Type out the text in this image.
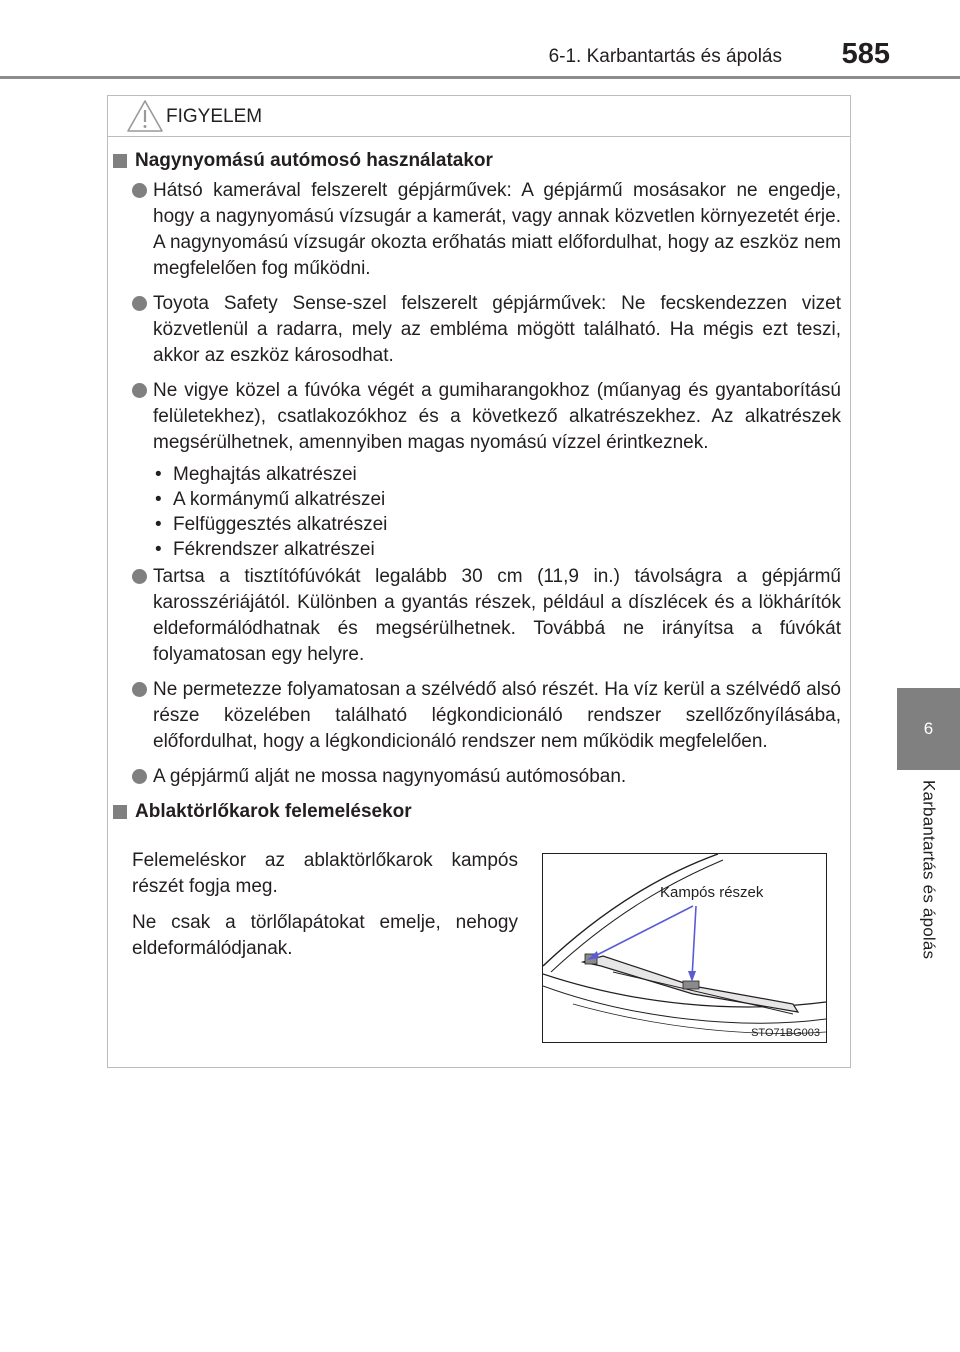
6-1. Karbantartás és ápolás	585
6
Karbantartás és ápolás
FIGYELEM
Nagynyomású autómosó használatakor
Hátsó kamerával felszerelt gépjárművek: A gépjármű mosásakor ne engedje, hogy a nagynyomású vízsugár a kamerát, vagy annak közvetlen környezetét érje. A nagynyomású vízsugár okozta erőhatás miatt előfordulhat, hogy az eszköz nem megfelelően fog működni.
Toyota Safety Sense-szel felszerelt gépjárművek: Ne fecskendezzen vizet közvetlenül a radarra, mely az embléma mögött található. Ha mégis ezt teszi, akkor az eszköz károsodhat.
Ne vigye közel a fúvóka végét a gumiharangokhoz (műanyag és gyantaborítású felületekhez), csatlakozókhoz és a következő alkatrészekhez. Az alkatrészek megsérülhetnek, amennyiben magas nyomású vízzel érintkeznek.
• Meghajtás alkatrészei
• A kormánymű alkatrészei
• Felfüggesztés alkatrészei
• Fékrendszer alkatrészei
Tartsa a tisztítófúvókát legalább 30 cm (11,9 in.) távolságra a gépjármű karosszériájától. Különben a gyantás részek, például a díszlécek és a lökhárítók eldeformálódhatnak és megsérülhetnek. Továbbá ne irányítsa a fúvókát folyamatosan egy helyre.
Ne permetezze folyamatosan a szélvédő alsó részét. Ha víz kerül a szélvédő alsó része közelében található légkondicionáló rendszer szellőzőnyílásába, előfordulhat, hogy a légkondicionáló rendszer nem működik megfelelően.
A gépjármű alját ne mossa nagynyomású autómosóban.
Ablaktörlőkarok felemelésekor

Felemeléskor az ablaktörlőkarok kampós részét fogja meg.

Ne csak a törlőlapátokat emelje, nehogy eldeformálódjanak.

Kampós részek
STO71BG003
